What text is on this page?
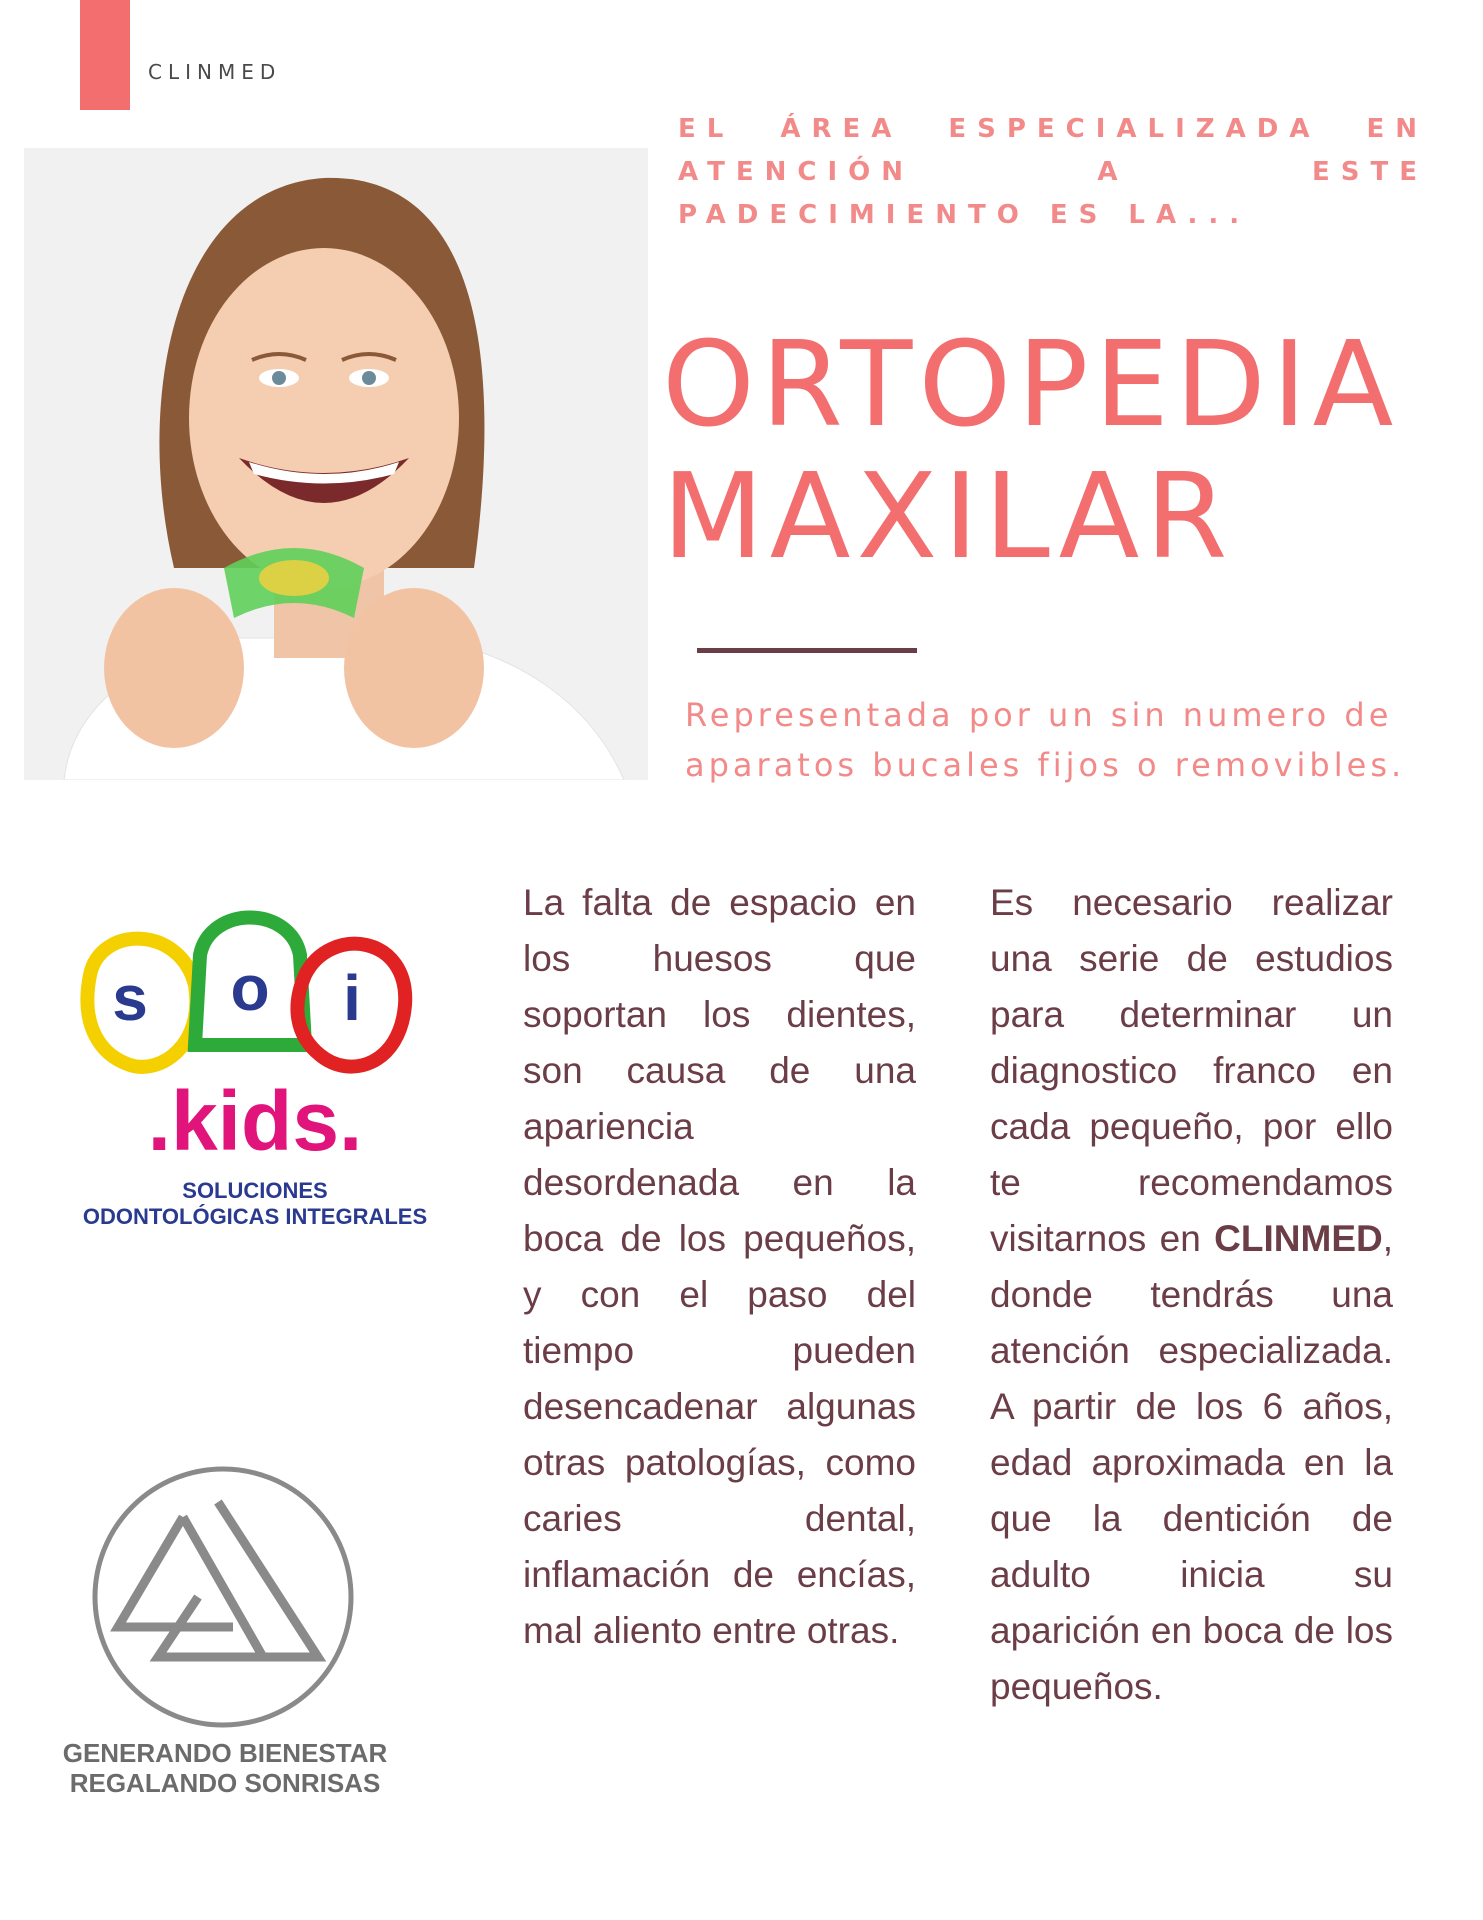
CLINMED
EL ÁREA ESPECIALIZADA EN ATENCIÓN A ESTE PADECIMIENTO ES LA...
ORTOPEDIA
MAXILAR
Representada por un sin numero de aparatos bucales fijos o removibles.
s o i
.kids.
SOLUCIONES
ODONTOLÓGICAS INTEGRALES
GENERANDO BIENESTAR
REGALANDO SONRISAS
La falta de espacio en los huesos que soportan los dientes, son causa de una apariencia desordenada en la boca de los pequeños, y con el paso del tiempo pueden desencadenar algunas otras patologías, como caries dental, inflamación de encías, mal aliento entre otras.
Es necesario realizar una serie de estudios para determinar un diagnostico franco en cada pequeño, por ello te recomendamos visitarnos en CLINMED, donde tendrás una atención especializada. A partir de los 6 años, edad aproximada en la que la dentición de adulto inicia su aparición en boca de los pequeños.
